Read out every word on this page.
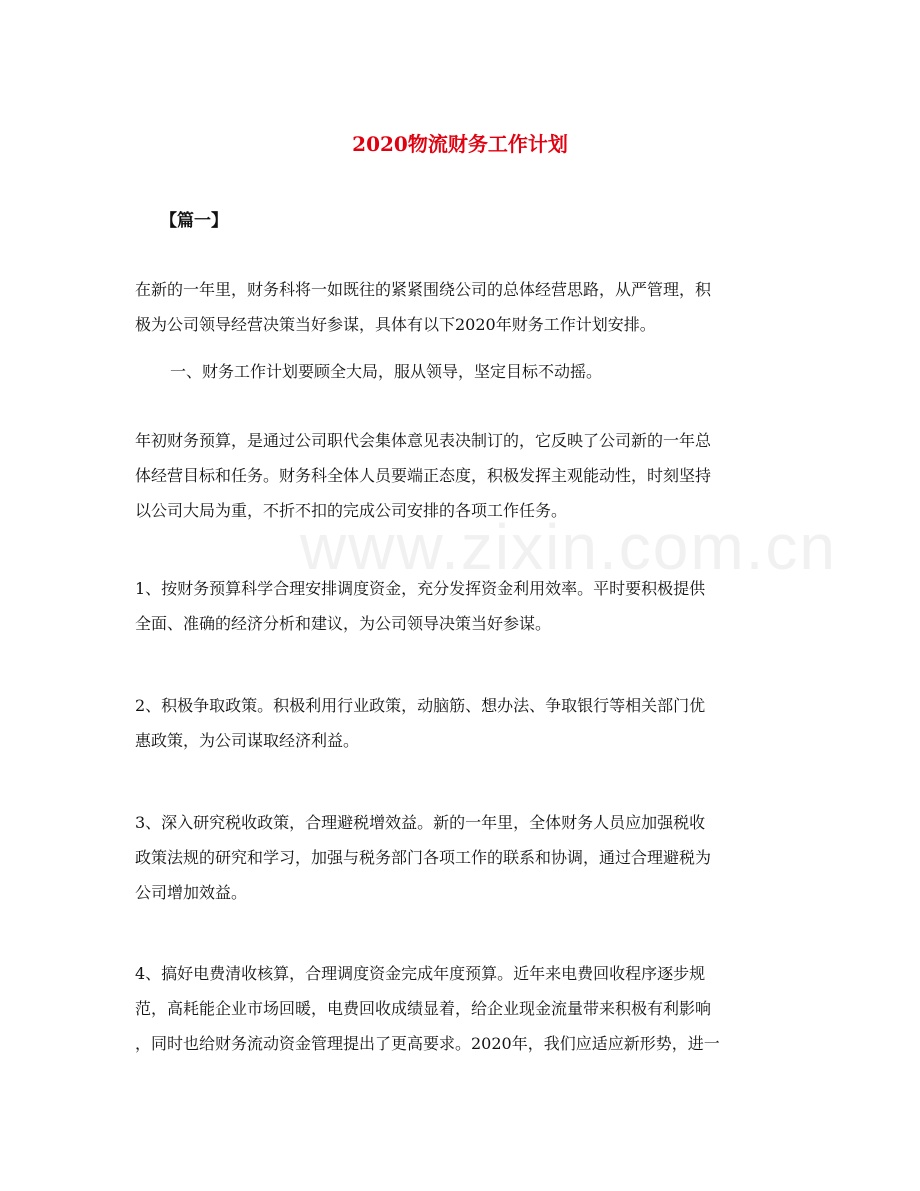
www.zixin.com.cn
2020物流财务工作计划
【篇一】
在新的一年里，财务科将一如既往的紧紧围绕公司的总体经营思路，从严管理，积
极为公司领导经营决策当好参谋，具体有以下2020年财务工作计划安排。
一、财务工作计划要顾全大局，服从领导，坚定目标不动摇。
年初财务预算，是通过公司职代会集体意见表决制订的，它反映了公司新的一年总
体经营目标和任务。财务科全体人员要端正态度，积极发挥主观能动性，时刻坚持
以公司大局为重，不折不扣的完成公司安排的各项工作任务。
1、按财务预算科学合理安排调度资金，充分发挥资金利用效率。平时要积极提供
全面、准确的经济分析和建议，为公司领导决策当好参谋。
2、积极争取政策。积极利用行业政策，动脑筋、想办法、争取银行等相关部门优
惠政策，为公司谋取经济利益。
3、深入研究税收政策，合理避税增效益。新的一年里，全体财务人员应加强税收
政策法规的研究和学习，加强与税务部门各项工作的联系和协调，通过合理避税为
公司增加效益。
4、搞好电费清收核算，合理调度资金完成年度预算。近年来电费回收程序逐步规
范，高耗能企业市场回暖，电费回收成绩显着，给企业现金流量带来积极有利影响
，同时也给财务流动资金管理提出了更高要求。2020年，我们应适应新形势，进一
